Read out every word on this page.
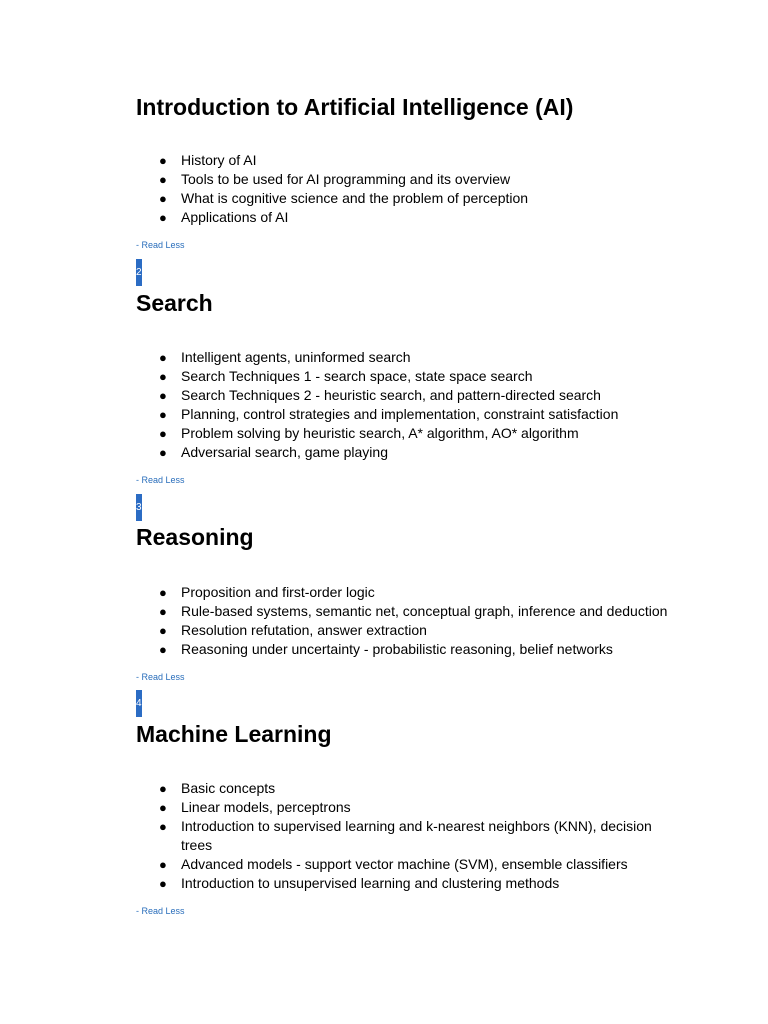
Introduction to Artificial Intelligence (AI)
● History of AI
● Tools to be used for AI programming and its overview
● What is cognitive science and the problem of perception
● Applications of AI
- Read Less
2
Search
● Intelligent agents, uninformed search
● Search Techniques 1 - search space, state space search
● Search Techniques 2 - heuristic search, and pattern-directed search
● Planning, control strategies and implementation, constraint satisfaction
● Problem solving by heuristic search, A* algorithm, AO* algorithm
● Adversarial search, game playing
- Read Less
3
Reasoning
● Proposition and first-order logic
● Rule-based systems, semantic net, conceptual graph, inference and deduction
● Resolution refutation, answer extraction
● Reasoning under uncertainty - probabilistic reasoning, belief networks
- Read Less
4
Machine Learning
● Basic concepts
● Linear models, perceptrons
● Introduction to supervised learning and k-nearest neighbors (KNN), decision trees
● Advanced models - support vector machine (SVM), ensemble classifiers
● Introduction to unsupervised learning and clustering methods
- Read Less
